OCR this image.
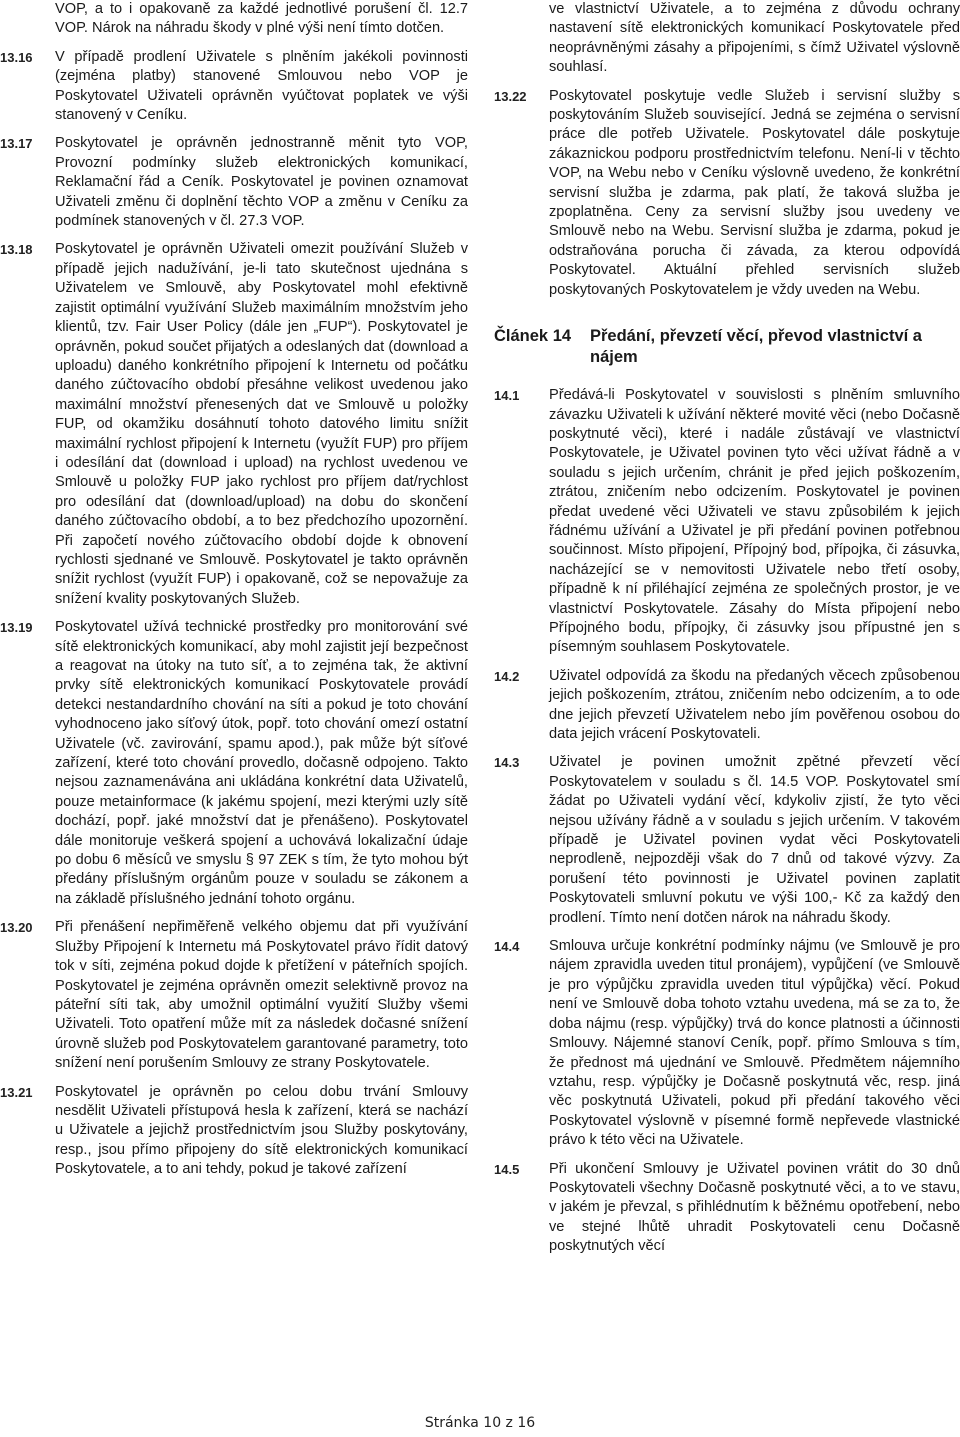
VOP, a to i opakovaně za každé jednotlivé porušení čl. 12.7 VOP. Nárok na náhradu škody v plné výši není tímto dotčen.
13.16	V případě prodlení Uživatele s plněním jakékoli povinnosti (zejména platby) stanovené Smlouvou nebo VOP je Poskytovatel Uživateli oprávněn vyúčtovat poplatek ve výši stanovený v Ceníku.
13.17	Poskytovatel je oprávněn jednostranně měnit tyto VOP, Provozní podmínky služeb elektronických komunikací, Reklamační řád a Ceník. Poskytovatel je povinen oznamovat Uživateli změnu či doplnění těchto VOP a změnu v Ceníku za podmínek stanovených v čl. 27.3 VOP.
13.18	Poskytovatel je oprávněn Uživateli omezit používání Služeb v případě jejich nadužívání, je-li tato skutečnost ujednána s Uživatelem ve Smlouvě, aby Poskytovatel mohl efektivně zajistit optimální využívání Služeb maximálním množstvím jeho klientů, tzv. Fair User Policy (dále jen „FUP“). Poskytovatel je oprávněn, pokud součet přijatých a odeslaných dat (download a uploadu) daného konkrétního připojení k Internetu od počátku daného zúčtovacího období přesáhne velikost uvedenou jako maximální množství přenesených dat ve Smlouvě u položky FUP, od okamžiku dosáhnutí tohoto datového limitu snížit maximální rychlost připojení k Internetu (využít FUP) pro příjem i odesílání dat (download i upload) na rychlost uvedenou ve Smlouvě u položky FUP jako rychlost pro příjem dat/rychlost pro odesílání dat (download/upload) na dobu do skončení daného zúčtovacího období, a to bez předchozího upozornění. Při započetí nového zúčtovacího období dojde k obnovení rychlosti sjednané ve Smlouvě. Poskytovatel je takto oprávněn snížit rychlost (využít FUP) i opakovaně, což se nepovažuje za snížení kvality poskytovaných Služeb.
13.19	Poskytovatel užívá technické prostředky pro monitorování své sítě elektronických komunikací, aby mohl zajistit její bezpečnost a reagovat na útoky na tuto síť, a to zejména tak, že aktivní prvky sítě elektronických komunikací Poskytovatele provádí detekci nestandardního chování na síti a pokud je toto chování vyhodnoceno jako síťový útok, popř. toto chování omezí ostatní Uživatele (vč. zavirování, spamu apod.), pak může být síťové zařízení, které toto chování provedlo, dočasně odpojeno. Takto nejsou zaznamenávána ani ukládána konkrétní data Uživatelů, pouze metainformace (k jakému spojení, mezi kterými uzly sítě dochází, popř. jaké množství dat je přenášeno). Poskytovatel dále monitoruje veškerá spojení a uchovává lokalizační údaje po dobu 6 měsíců ve smyslu § 97 ZEK s tím, že tyto mohou být předány příslušným orgánům pouze v souladu se zákonem a na základě příslušného jednání tohoto orgánu.
13.20	Při přenášení nepřiměřeně velkého objemu dat při využívání Služby Připojení k Internetu má Poskytovatel právo řídit datový tok v síti, zejména pokud dojde k přetížení v páteřních spojích. Poskytovatel je zejména oprávněn omezit selektivně provoz na páteřní síti tak, aby umožnil optimální využití Služby všemi Uživateli. Toto opatření může mít za následek dočasné snížení úrovně služeb pod Poskytovatelem garantované parametry, toto snížení není porušením Smlouvy ze strany Poskytovatele.
13.21	Poskytovatel je oprávněn po celou dobu trvání Smlouvy nesdělit Uživateli přístupová hesla k zařízení, která se nachází u Uživatele a jejichž prostřednictvím jsou Služby poskytovány, resp., jsou přímo připojeny do sítě elektronických komunikací Poskytovatele, a to ani tehdy, pokud je takové zařízení
ve vlastnictví Uživatele, a to zejména z důvodu ochrany nastavení sítě elektronických komunikací Poskytovatele před neoprávněnými zásahy a připojeními, s čímž Uživatel výslovně souhlasí.
13.22	Poskytovatel poskytuje vedle Služeb i servisní služby s poskytováním Služeb související. Jedná se zejména o servisní práce dle potřeb Uživatele. Poskytovatel dále poskytuje zákaznickou podporu prostřednictvím telefonu. Není-li v těchto VOP, na Webu nebo v Ceníku výslovně uvedeno, že konkrétní servisní služba je zdarma, pak platí, že taková služba je zpoplatněna. Ceny za servisní služby jsou uvedeny ve Smlouvě nebo na Webu. Servisní služba je zdarma, pokud je odstraňována porucha či závada, za kterou odpovídá Poskytovatel. Aktuální přehled servisních služeb poskytovaných Poskytovatelem je vždy uveden na Webu.
Článek 14	Předání, převzetí věcí, převod vlastnictví a nájem
14.1	Předává-li Poskytovatel v souvislosti s plněním smluvního závazku Uživateli k užívání některé movité věci (nebo Dočasně poskytnuté věci), které i nadále zůstávají ve vlastnictví Poskytovatele, je Uživatel povinen tyto věci užívat řádně a v souladu s jejich určením, chránit je před jejich poškozením, ztrátou, zničením nebo odcizením. Poskytovatel je povinen předat uvedené věci Uživateli ve stavu způsobilém k jejich řádnému užívání a Uživatel je při předání povinen potřebnou součinnost. Místo připojení, Přípojný bod, přípojka, či zásuvka, nacházející se v nemovitosti Uživatele nebo třetí osoby, případně k ní přiléhající zejména ze společných prostor, je ve vlastnictví Poskytovatele. Zásahy do Místa připojení nebo Přípojného bodu, přípojky, či zásuvky jsou přípustné jen s písemným souhlasem Poskytovatele.
14.2	Uživatel odpovídá za škodu na předaných věcech způsobenou jejich poškozením, ztrátou, zničením nebo odcizením, a to ode dne jejich převzetí Uživatelem nebo jím pověřenou osobou do data jejich vrácení Poskytovateli.
14.3	Uživatel je povinen umožnit zpětné převzetí věcí Poskytovatelem v souladu s čl. 14.5 VOP. Poskytovatel smí žádat po Uživateli vydání věcí, kdykoliv zjistí, že tyto věci nejsou užívány řádně a v souladu s jejich určením. V takovém případě je Uživatel povinen vydat věci Poskytovateli neprodleně, nejpozději však do 7 dnů od takové výzvy. Za porušení této povinnosti je Uživatel povinen zaplatit Poskytovateli smluvní pokutu ve výši 100,- Kč za každý den prodlení. Tímto není dotčen nárok na náhradu škody.
14.4	Smlouva určuje konkrétní podmínky nájmu (ve Smlouvě je pro nájem zpravidla uveden titul pronájem), vypůjčení (ve Smlouvě je pro výpůjčku zpravidla uveden titul výpůjčka) věcí. Pokud není ve Smlouvě doba tohoto vztahu uvedena, má se za to, že doba nájmu (resp. výpůjčky) trvá do konce platnosti a účinnosti Smlouvy. Nájemné stanoví Ceník, popř. přímo Smlouva s tím, že přednost má ujednání ve Smlouvě. Předmětem nájemního vztahu, resp. výpůjčky je Dočasně poskytnutá věc, resp. jiná věc poskytnutá Uživateli, pokud při předání takového věci Poskytovatel výslovně v písemné formě nepřevede vlastnické právo k této věci na Uživatele.
14.5	Při ukončení Smlouvy je Uživatel povinen vrátit do 30 dnů Poskytovateli všechny Dočasně poskytnuté věci, a to ve stavu, v jakém je převzal, s přihlédnutím k běžnému opotřebení, nebo ve stejné lhůtě uhradit Poskytovateli cenu Dočasně poskytnutých věcí
Stránka 10 z 16
